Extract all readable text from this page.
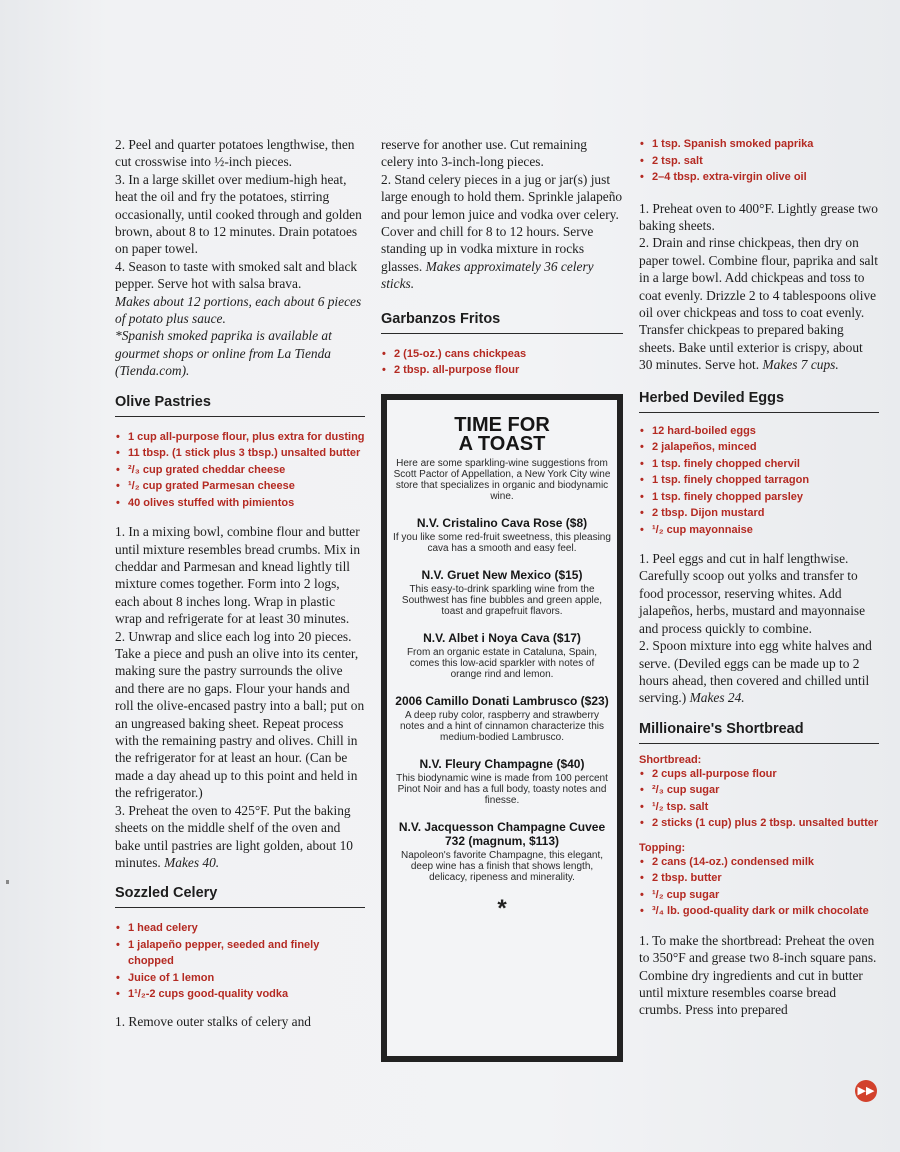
2. Peel and quarter potatoes lengthwise, then cut crosswise into ½-inch pieces.

3. In a large skillet over medium-high heat, heat the oil and fry the potatoes, stirring occasionally, until cooked through and golden brown, about 8 to 12 minutes. Drain potatoes on paper towel.

4. Season to taste with smoked salt and black pepper. Serve hot with salsa brava.

Makes about 12 portions, each about 6 pieces of potato plus sauce.

*Spanish smoked paprika is available at gourmet shops or online from La Tienda (Tienda.com).

Olive Pastries
• 1 cup all-purpose flour, plus extra for dusting
• 11 tbsp. (1 stick plus 3 tbsp.) unsalted butter
• ²/₃ cup grated cheddar cheese
• ¹/₂ cup grated Parmesan cheese
• 40 olives stuffed with pimientos

1. In a mixing bowl, combine flour and butter until mixture resembles bread crumbs. Mix in cheddar and Parmesan and knead lightly till mixture comes together. Form into 2 logs, each about 8 inches long. Wrap in plastic wrap and refrigerate for at least 30 minutes.

2. Unwrap and slice each log into 20 pieces. Take a piece and push an olive into its center, making sure the pastry surrounds the olive and there are no gaps. Flour your hands and roll the olive-encased pastry into a ball; put on an ungreased baking sheet. Repeat process with the remaining pastry and olives. Chill in the refrigerator for at least an hour. (Can be made a day ahead up to this point and held in the refrigerator.)

3. Preheat the oven to 425°F. Put the baking sheets on the middle shelf of the oven and bake until pastries are light golden, about 10 minutes. Makes 40.

Sozzled Celery
• 1 head celery
• 1 jalapeño pepper, seeded and finely chopped
• Juice of 1 lemon
• 1¹/₂-2 cups good-quality vodka

1. Remove outer stalks of celery and

reserve for another use. Cut remaining celery into 3-inch-long pieces.

2. Stand celery pieces in a jug or jar(s) just large enough to hold them. Sprinkle jalapeño and pour lemon juice and vodka over celery. Cover and chill for 8 to 12 hours. Serve standing up in vodka mixture in rocks glasses. Makes approximately 36 celery sticks.

Garbanzos Fritos
• 2 (15-oz.) cans chickpeas
• 2 tbsp. all-purpose flour

TIME FOR

A TOAST

Here are some sparkling-wine suggestions from Scott Pactor of Appellation, a New York City wine store that specializes in organic and biodynamic wine.

N.V. Cristalino Cava Rose ($8)

If you like some red-fruit sweetness, this pleasing cava has a smooth and easy feel.

N.V. Gruet New Mexico ($15)

This easy-to-drink sparkling wine from the Southwest has fine bubbles and green apple, toast and grapefruit flavors.

N.V. Albet i Noya Cava ($17)

From an organic estate in Cataluna, Spain, comes this low-acid sparkler with notes of orange rind and lemon.

2006 Camillo Donati Lambrusco ($23)

A deep ruby color, raspberry and strawberry notes and a hint of cinnamon characterize this medium-bodied Lambrusco.

N.V. Fleury Champagne ($40)

This biodynamic wine is made from 100 percent Pinot Noir and has a full body, toasty notes and finesse.

N.V. Jacquesson Champagne Cuvee 732 (magnum, $113)

Napoleon's favorite Champagne, this elegant, deep wine has a finish that shows length, delicacy, ripeness and minerality.

*
• 1 tsp. Spanish smoked paprika
• 2 tsp. salt
• 2–4 tbsp. extra-virgin olive oil

1. Preheat oven to 400°F. Lightly grease two baking sheets.

2. Drain and rinse chickpeas, then dry on paper towel. Combine flour, paprika and salt in a large bowl. Add chickpeas and toss to coat evenly. Drizzle 2 to 4 tablespoons olive oil over chickpeas and toss to coat evenly. Transfer chickpeas to prepared baking sheets. Bake until exterior is crispy, about 30 minutes. Serve hot. Makes 7 cups.

Herbed Deviled Eggs
• 12 hard-boiled eggs
• 2 jalapeños, minced
• 1 tsp. finely chopped chervil
• 1 tsp. finely chopped tarragon
• 1 tsp. finely chopped parsley
• 2 tbsp. Dijon mustard
• ¹/₂ cup mayonnaise

1. Peel eggs and cut in half lengthwise. Carefully scoop out yolks and transfer to food processor, reserving whites. Add jalapeños, herbs, mustard and mayonnaise and process quickly to combine.

2. Spoon mixture into egg white halves and serve. (Deviled eggs can be made up to 2 hours ahead, then covered and chilled until serving.) Makes 24.

Millionaire's Shortbread

Shortbread:

• 2 cups all-purpose flour
• ²/₃ cup sugar
• ¹/₂ tsp. salt
• 2 sticks (1 cup) plus 2 tbsp. unsalted butter

Topping:

• 2 cans (14-oz.) condensed milk
• 2 tbsp. butter
• ¹/₂ cup sugar
• ³/₄ lb. good-quality dark or milk chocolate

1. To make the shortbread: Preheat the oven to 350°F and grease two 8-inch square pans. Combine dry ingredients and cut in butter until mixture resembles coarse bread crumbs. Press into prepared

▶▶
